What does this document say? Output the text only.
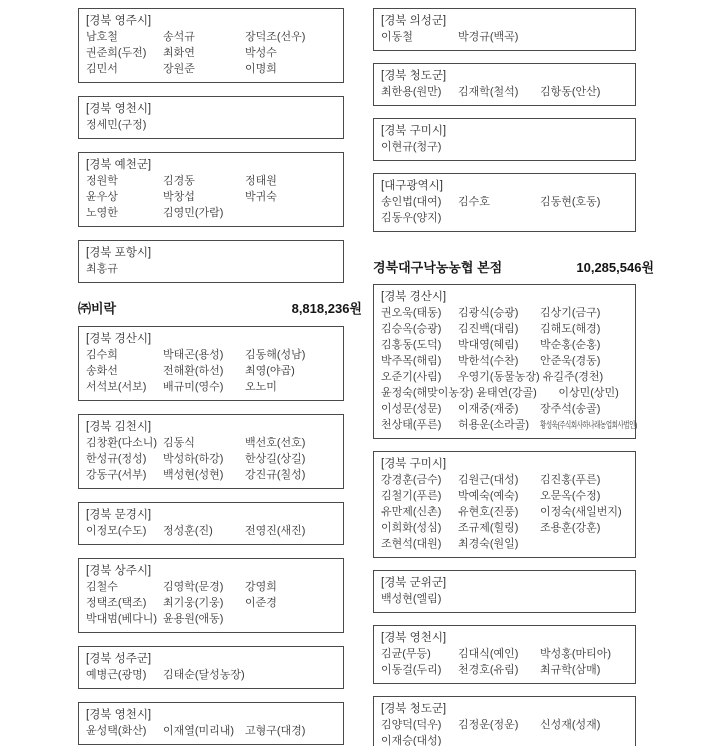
[경북 영주시]
남호철	송석규	장덕조(선우)
권준희(두전)	최화연	박성수
김민서	장원준	이명희
[경북 영천시]
정세민(구정)
[경북 예천군]
정원학	김경동	정태원
윤우상	박창섭	박귀숙
노영한	김영민(가람)
[경북 포항시]
최홍규
㈜비락	8,818,236원
[경북 경산시]
김수희	박태곤(용성)	김동해(성남)
송화선	전해환(하선)	최영(야곱)
서석보(서보)	배규미(영수)	오노미
[경북 김천시]
김창환(다소니) 김동식	백선호(선호)
한성규(정성)	박성하(하강)	한상길(상길)
강동구(서부)	백성현(성현)	강진규(칠성)
[경북 문경시]
이정모(수도)	정성훈(진)	전영진(새진)
[경북 상주시]
김철수	김영학(문경)	강영희
정택조(택조)	최기웅(기웅)	이준경
박대범(베다니) 윤용원(애동)
[경북 성주군]
예병근(광명)	김태순(달성농장)
[경북 영천시]
윤성택(화산)	이재열(미리내) 고형구(대경)
[경북 의성군]
이동철	박경규(백곡)
[경북 청도군]
최한용(원만)	김재학(철석)	김항동(안산)
[경북 구미시]
이현규(청구)
[대구광역시]
송인법(대여)	김수호	김동현(호동)
김동우(양지)
경북대구낙농농협 본점	10,285,546원
[경북 경산시]
권오욱(태동)	김광식(승광)	김상기(금구)
김승옥(승광)	김진백(대림)	김해도(해경)
김홍동(도덕)	박대영(혜림)	박순홍(순홍)
박주목(해림)	박한석(수찬)	안준욱(경동)
오준기(사림)	우영기(동물농장) 유길주(경천)
윤정숙(해맞이농장) 윤태연(강골)	이상민(상민)
이성문(성문)	이재중(재중)	장주석(송골)
천상태(푸른)	허용운(소라골)	황성욱(주식회사하나래농업회사법인)
[경북 구미시]
강경훈(금수)	김원근(대성)	김진홍(푸른)
김철기(푸른)	박예숙(예숙)	오문옥(수정)
유만제(신촌)	유현호(진풍)	이정숙(새일번지)
이희화(성심)	조규제(힐링)	조용훈(강훈)
조현석(대원)	최경숙(원일)
[경북 군위군]
백성현(엘림)
[경북 영천시]
김균(무등)	김대식(예인)	박성홍(마티아)
이동걸(두리)	천경호(유림)	최규학(삼매)
[경북 청도군]
김양덕(덕우)	김정운(정운)	신성재(성재)
이재승(대성)
